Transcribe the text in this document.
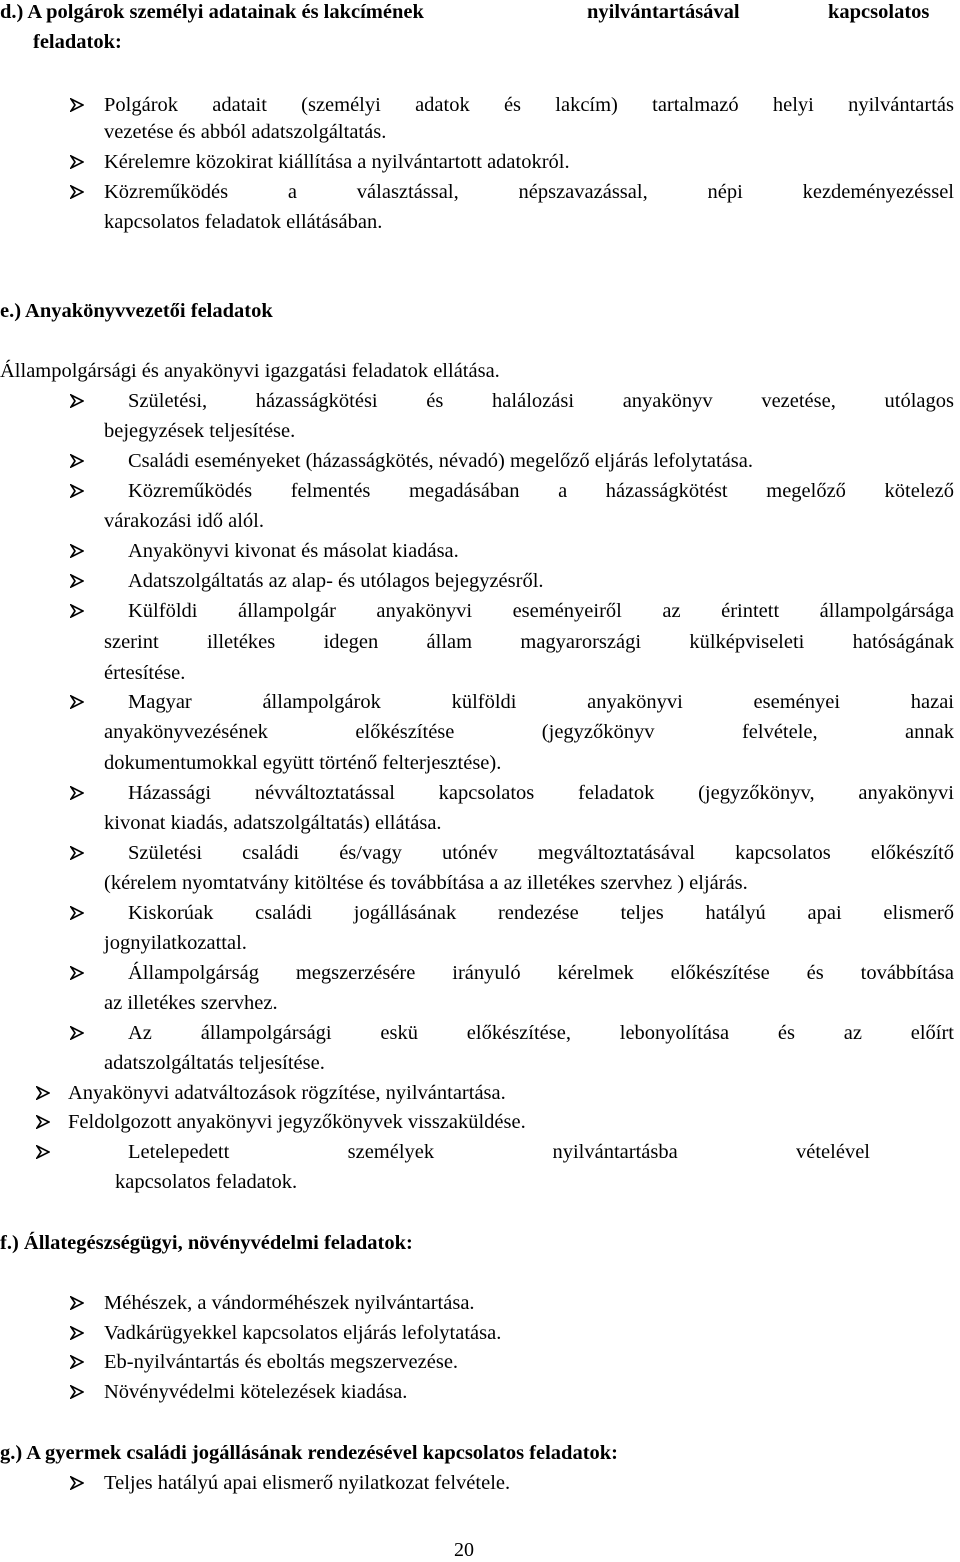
d.) A polgárok személyi adatainak és lakcímének	nyilvántartásával	kapcsolatos

feladatok:

Polgárok adatait (személyi adatok és lakcím) tartalmazó helyi nyilvántartás

vezetése és abból adatszolgáltatás.

Kérelemre közokirat kiállítása a nyilvántartott adatokról.

Közreműködés a választással, népszavazással, népi kezdeményezéssel

kapcsolatos feladatok ellátásában.

e.) Anyakönyvvezetői feladatok

Állampolgársági és anyakönyvi igazgatási feladatok ellátása.

Születési, házasságkötési és halálozási anyakönyv vezetése, utólagos

bejegyzések teljesítése.

Családi eseményeket (házasságkötés, névadó) megelőző eljárás lefolytatása.

Közreműködés felmentés megadásában a házasságkötést megelőző kötelező

várakozási idő alól.

Anyakönyvi kivonat és másolat kiadása.

Adatszolgáltatás az alap- és utólagos bejegyzésről.

Külföldi állampolgár anyakönyvi eseményeiről az érintett állampolgársága

szerint illetékes idegen állam magyarországi külképviseleti hatóságának

értesítése.

Magyar állampolgárok külföldi anyakönyvi eseményei hazai

anyakönyvezésének előkészítése (jegyzőkönyv felvétele, annak

dokumentumokkal együtt történő felterjesztése).

Házassági névváltoztatással kapcsolatos feladatok (jegyzőkönyv, anyakönyvi

kivonat kiadás, adatszolgáltatás) ellátása.

Születési családi és/vagy utónév megváltoztatásával kapcsolatos előkészítő

(kérelem nyomtatvány kitöltése és továbbítása a az illetékes szervhez ) eljárás.

Kiskorúak családi jogállásának rendezése teljes hatályú apai elismerő

jognyilatkozattal.

Állampolgárság megszerzésére irányuló kérelmek előkészítése és továbbítása

az illetékes szervhez.

Az állampolgársági eskü előkészítése, lebonyolítása és az előírt

adatszolgáltatás teljesítése.

Anyakönyvi adatváltozások rögzítése, nyilvántartása.

Feldolgozott anyakönyvi jegyzőkönyvek visszaküldése.

Letelepedett személyek nyilvántartásba vételével

kapcsolatos feladatok.

f.) Állategészségügyi, növényvédelmi feladatok:

Méhészek, a vándorméhészek nyilvántartása.

Vadkárügyekkel kapcsolatos eljárás lefolytatása.

Eb-nyilvántartás és eboltás megszervezése.

Növényvédelmi kötelezések kiadása.

g.) A gyermek családi jogállásának rendezésével kapcsolatos feladatok:

Teljes hatályú apai elismerő nyilatkozat felvétele.

20
